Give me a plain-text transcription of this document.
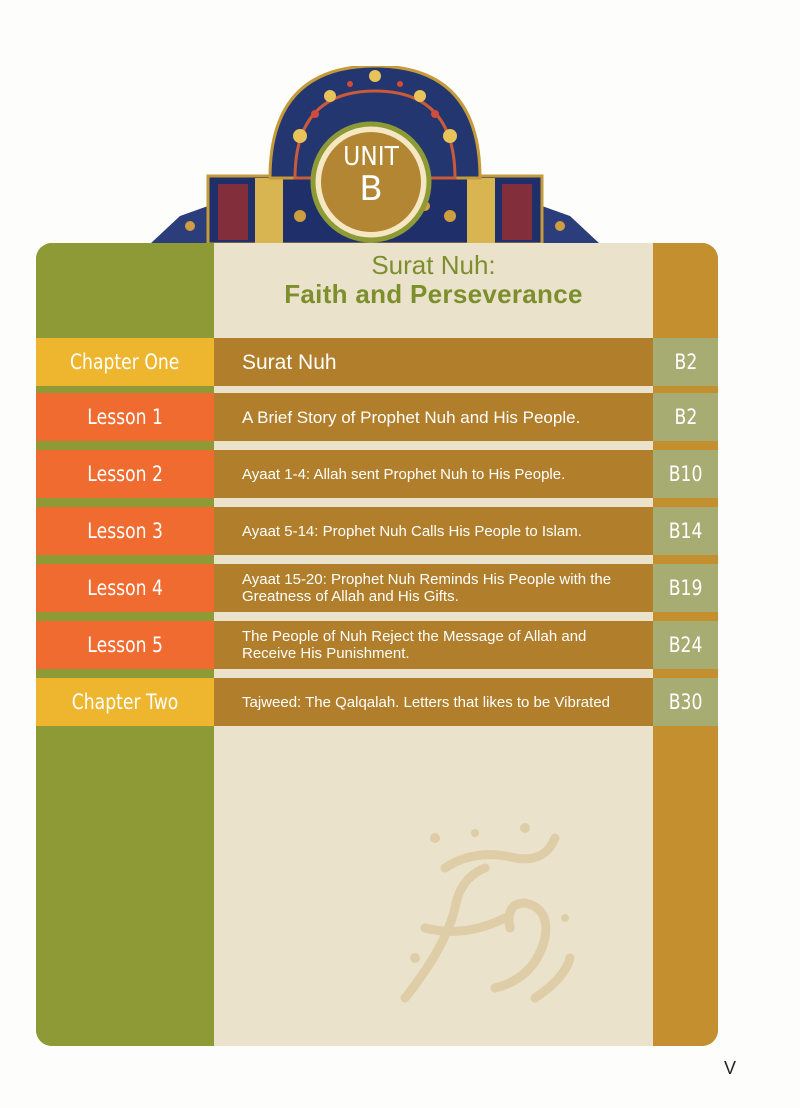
UNIT
B
Surat Nuh:
Faith and Perseverance
Chapter One	Surat Nuh	B2
Lesson 1	A Brief Story of Prophet Nuh and His People.	B2
Lesson 2	Ayaat 1-4: Allah sent Prophet Nuh to His People.	B10
Lesson 3	Ayaat 5-14: Prophet Nuh Calls His People to Islam.	B14
Lesson 4	Ayaat 15-20: Prophet Nuh Reminds His People with the Greatness of Allah and His Gifts.	B19
Lesson 5	The People of Nuh Reject the Message of Allah and Receive His Punishment.	B24
Chapter Two	Tajweed: The Qalqalah. Letters that likes to be Vibrated	B30
V
